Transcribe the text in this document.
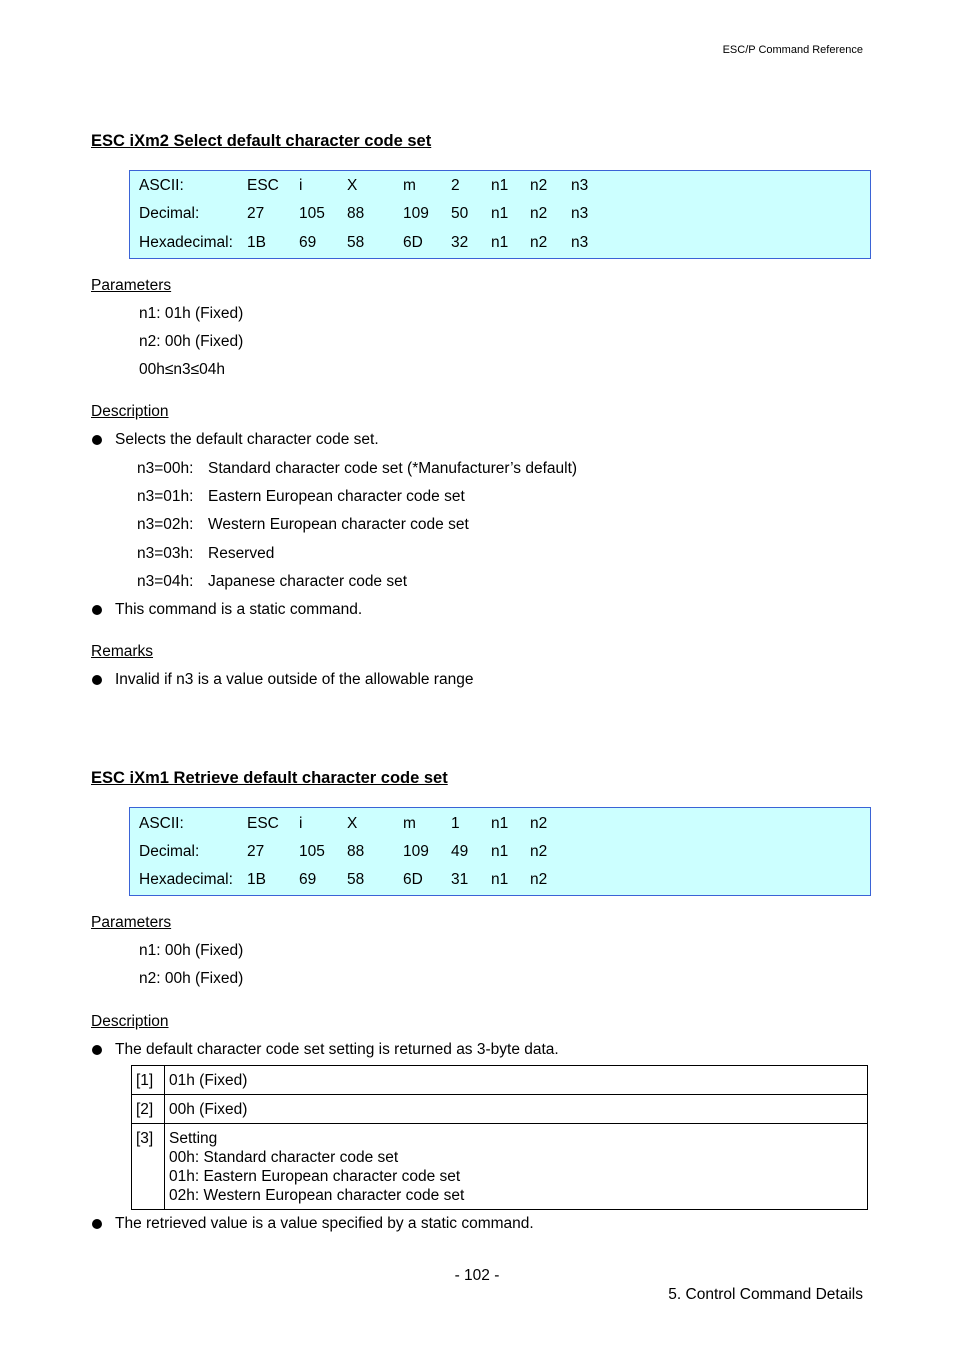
ESC/P Command Reference
ESC iXm2 Select default character code set
ASCII:	ESC i	X	m 2 n1 n2 n3
Decimal:	27 105 88	109 50 n1 n2 n3
Hexadecimal: 1B 69 58	6D 32 n1 n2 n3
Parameters
n1: 01h (Fixed)
n2: 00h (Fixed)
00h≤n3≤04h
Description
Selects the default character code set.
n3=00h: Standard character code set (*Manufacturer’s default)
n3=01h: Eastern European character code set
n3=02h: Western European character code set
n3=03h: Reserved
n3=04h: Japanese character code set
This command is a static command.
Remarks
Invalid if n3 is a value outside of the allowable range
ESC iXm1 Retrieve default character code set
ASCII:	ESC i	X	m 1 n1 n2
Decimal:	27 105 88	109 49 n1 n2
Hexadecimal: 1B 69 58	6D 31 n1 n2
Parameters
n1: 00h (Fixed)
n2: 00h (Fixed)
Description
The default character code set setting is returned as 3-byte data.
[1]	01h (Fixed)

[2]	00h (Fixed)

[3]	Setting
00h: Standard character code set
01h: Eastern European character code set
02h: Western European character code set
The retrieved value is a value specified by a static command.
- 102 -
5. Control Command Details
